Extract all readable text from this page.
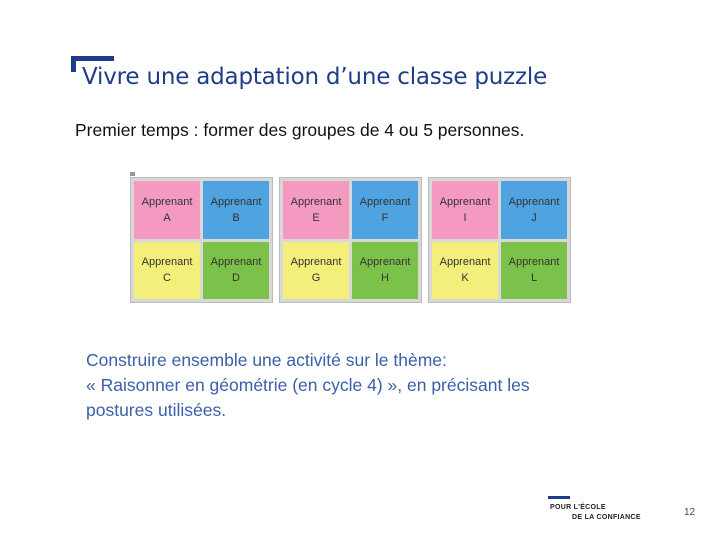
Vivre une adaptation d’une classe puzzle
Premier temps : former des groupes de 4 ou 5 personnes.
Apprenant
A
Apprenant
B
Apprenant
C
Apprenant
D
Apprenant
E
Apprenant
F
Apprenant
G
Apprenant
H
Apprenant
I
Apprenant
J
Apprenant
K
Apprenant
L

Construire ensemble une activité sur le thème:

« Raisonner en géométrie (en cycle 4) », en précisant les

postures utilisées.

POUR L'ÉCOLE
DE LA CONFIANCE	12
